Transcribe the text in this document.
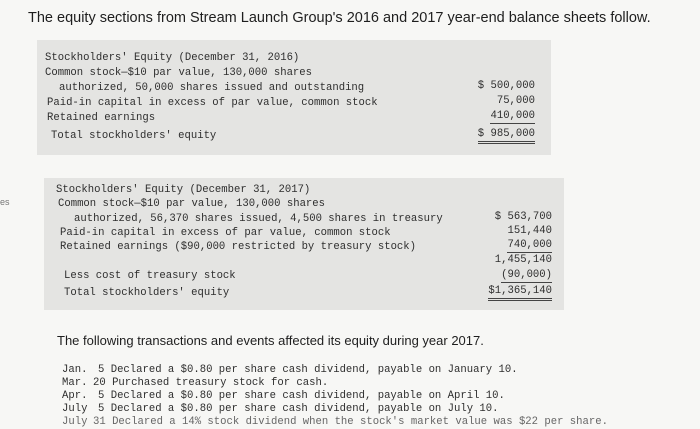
The equity sections from Stream Launch Group's 2016 and 2017 year-end balance sheets follow.
es
Stockholders' Equity (December 31, 2016)
Common stock—$10 par value, 130,000 shares
authorized, 50,000 shares issued and outstanding
Paid-in capital in excess of par value, common stock
Retained earnings
Total stockholders' equity
$ 500,000
75,000
410,000
$ 985,000
Stockholders' Equity (December 31, 2017)
Common stock—$10 par value, 130,000 shares
authorized, 56,370 shares issued, 4,500 shares in treasury
Paid-in capital in excess of par value, common stock
Retained earnings ($90,000 restricted by treasury stock)
Less cost of treasury stock
Total stockholders' equity
$ 563,700
151,440
740,000
1,455,140
(90,000)
$1,365,140
The following transactions and events affected its equity during year 2017.
Jan. 5 Declared a $0.80 per share cash dividend, payable on January 10.
Mar. 20 Purchased treasury stock for cash.
Apr. 5 Declared a $0.80 per share cash dividend, payable on April 10.
July 5 Declared a $0.80 per share cash dividend, payable on July 10.
July 31 Declared a 14% stock dividend when the stock's market value was $22 per share.
